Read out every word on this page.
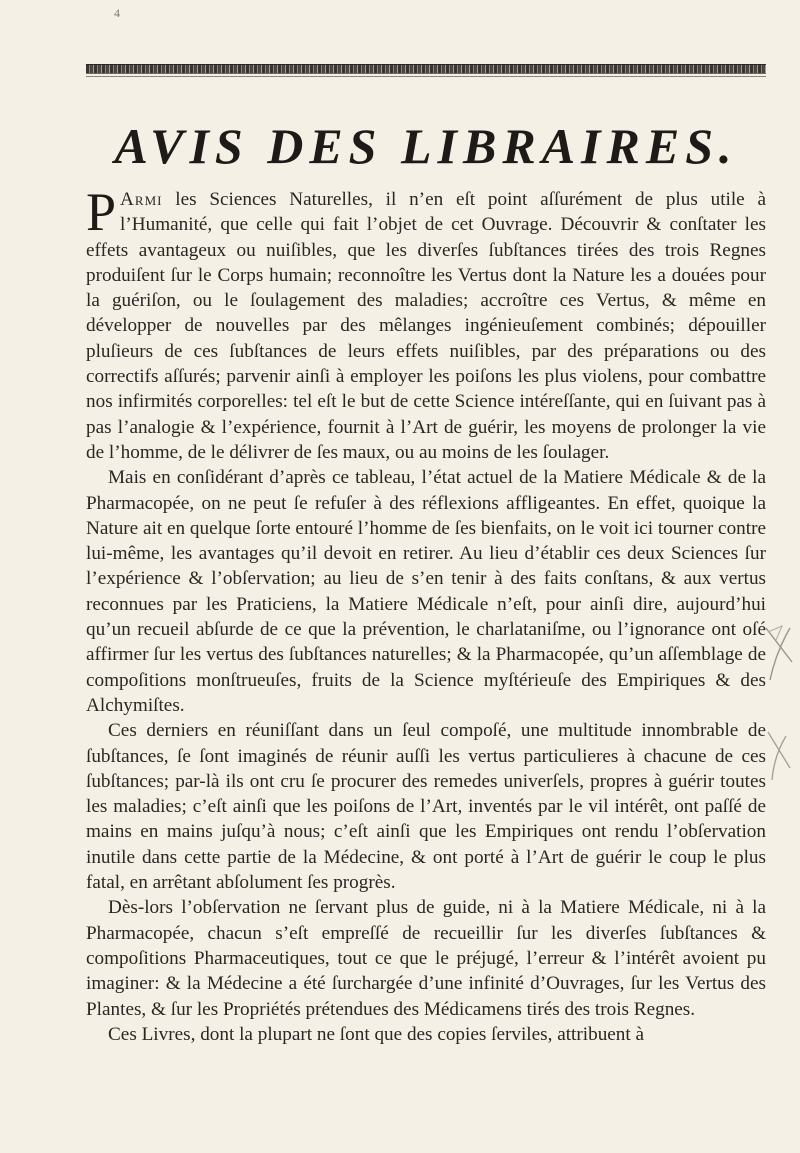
4
AVIS DES LIBRAIRES.

P Armi les Sciences Naturelles, il n’en eſt point aſſurément de plus utile à l’Humanité, que celle qui fait l’objet de cet Ouvrage. Découvrir & conſtater les effets avantageux ou nuiſibles, que les diverſes ſubſtances tirées des trois Regnes produiſent ſur le Corps humain; reconnoître les Vertus dont la Nature les a douées pour la guériſon, ou le ſoulagement des maladies; accroître ces Vertus, & même en développer de nouvelles par des mêlanges ingénieuſement combinés; dépouiller pluſieurs de ces ſubſtances de leurs effets nuiſibles, par des préparations ou des correctifs aſſurés; parvenir ainſi à employer les poiſons les plus violens, pour combattre nos infirmités corporelles: tel eſt le but de cette Science intéreſſante, qui en ſuivant pas à pas l’analogie & l’expérience, fournit à l’Art de guérir, les moyens de prolonger la vie de l’homme, de le délivrer de ſes maux, ou au moins de les ſoulager.

Mais en conſidérant d’après ce tableau, l’état actuel de la Matiere Médicale & de la Pharmacopée, on ne peut ſe refuſer à des réflexions affligeantes. En effet, quoique la Nature ait en quelque ſorte entouré l’homme de ſes bienfaits, on le voit ici tourner contre lui-même, les avantages qu’il devoit en retirer. Au lieu d’établir ces deux Sciences ſur l’expérience & l’obſervation; au lieu de s’en tenir à des faits conſtans, & aux vertus reconnues par les Praticiens, la Matiere Médicale n’eſt, pour ainſi dire, aujourd’hui qu’un recueil abſurde de ce que la prévention, le charlataniſme, ou l’ignorance ont oſé affirmer ſur les vertus des ſubſtances naturelles; & la Pharmacopée, qu’un aſſemblage de compoſitions monſtrueuſes, fruits de la Science myſtérieuſe des Empiriques & des Alchymiſtes.

Ces derniers en réuniſſant dans un ſeul compoſé, une multitude innombrable de ſubſtances, ſe ſont imaginés de réunir auſſi les vertus particulieres à chacune de ces ſubſtances; par-là ils ont cru ſe procurer des remedes univerſels, propres à guérir toutes les maladies; c’eſt ainſi que les poiſons de l’Art, inventés par le vil intérêt, ont paſſé de mains en mains juſqu’à nous; c’eſt ainſi que les Empiriques ont rendu l’obſervation inutile dans cette partie de la Médecine, & ont porté à l’Art de guérir le coup le plus fatal, en arrêtant abſolument ſes progrès.

Dès-lors l’obſervation ne ſervant plus de guide, ni à la Matiere Médicale, ni à la Pharmacopée, chacun s’eſt empreſſé de recueillir ſur les diverſes ſubſtances & compoſitions Pharmaceutiques, tout ce que le préjugé, l’erreur & l’intérêt avoient pu imaginer: & la Médecine a été ſurchargée d’une infinité d’Ouvrages, ſur les Vertus des Plantes, & ſur les Propriétés prétendues des Médicamens tirés des trois Regnes.

Ces Livres, dont la plupart ne ſont que des copies ſerviles, attribuent à
